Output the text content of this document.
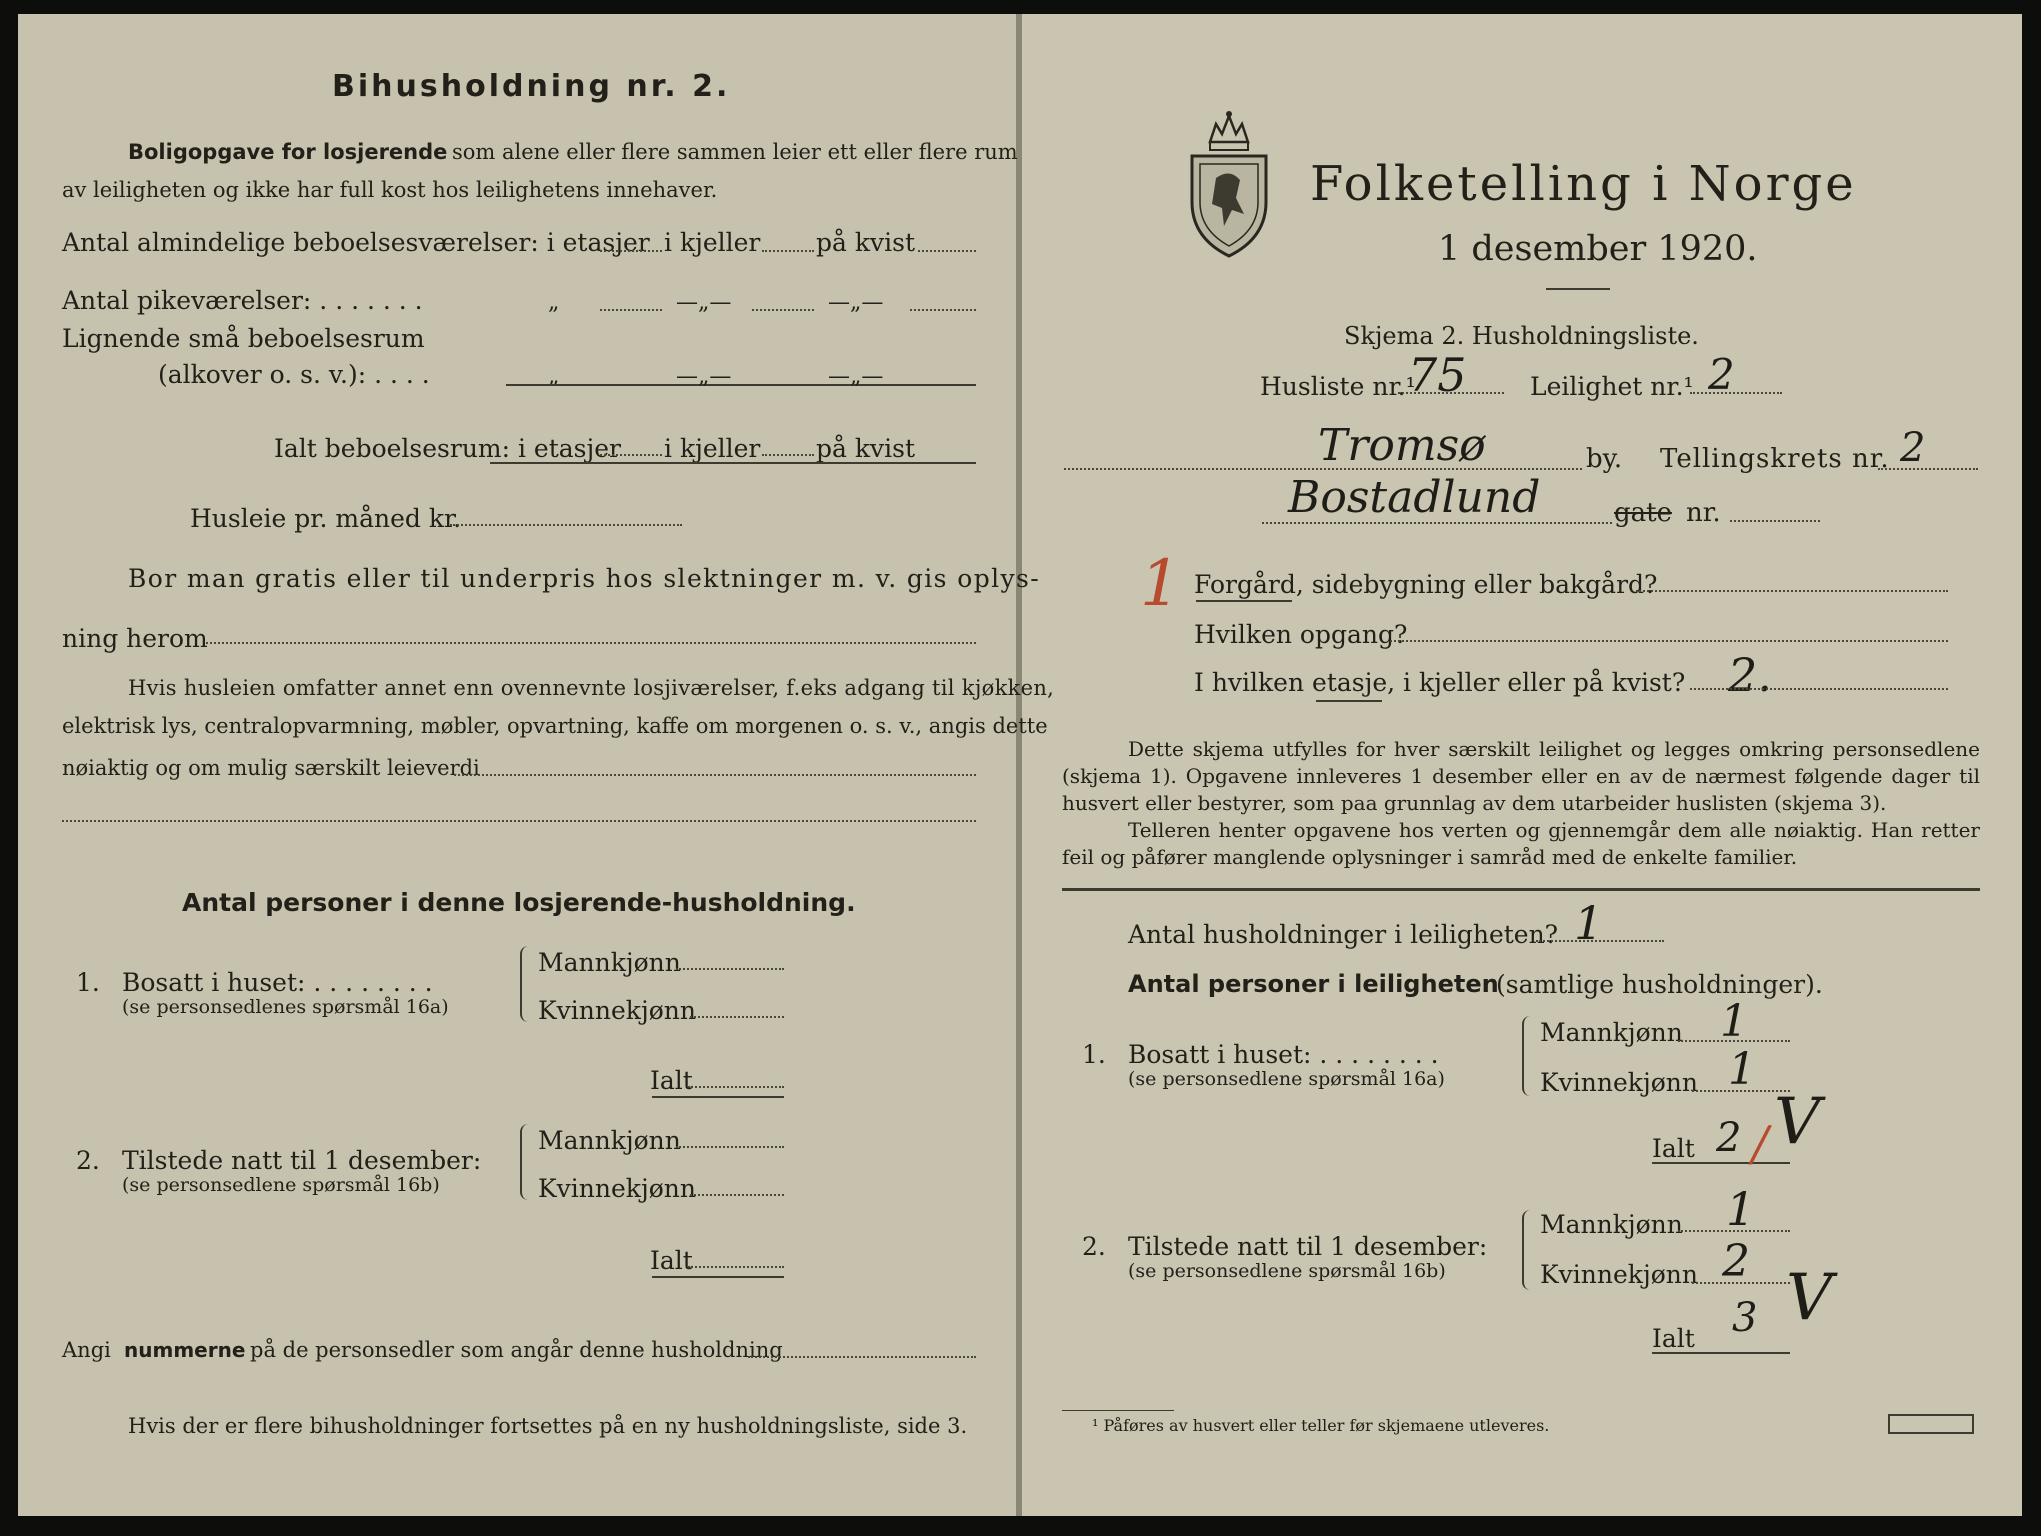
Bihusholdning nr. 2.
Boligopgave for losjerende som alene eller flere sammen leier ett eller flere rum
av leiligheten og ikke har full kost hos leilighetens innehaver.
Antal almindelige beboelsesværelser: i etasjer i kjeller på kvist
Antal pikeværelser: . . . . . . .	„	—„—	—„—
Lignende små beboelsesrum
(alkover o. s. v.): . . . .	„	—„—	—„—
Ialt beboelsesrum: i etasjer i kjeller på kvist
Husleie pr. måned kr.
Bor man gratis eller til underpris hos slektninger m. v. gis oplys-
ning herom
Hvis husleien omfatter annet enn ovennevnte losjiværelser, f.eks adgang til kjøkken,
elektrisk lys, centralopvarmning, møbler, opvartning, kaffe om morgenen o. s. v., angis dette
nøiaktig og om mulig særskilt leieverdi
Antal personer i denne losjerende-husholdning.
1. Bosatt i huset: . . . . . . . .
(se personsedlenes spørsmål 16a)
Mannkjønn
Kvinnekjønn
Ialt
2. Tilstede natt til 1 desember:
(se personsedlene spørsmål 16b)
Mannkjønn
Kvinnekjønn
Ialt
Angi nummerne på de personsedler som angår denne husholdning
Hvis der er flere bihusholdninger fortsettes på en ny husholdningsliste, side 3.
Folketelling i Norge
1 desember 1920.
Skjema 2. Husholdningsliste.
Husliste nr.¹
75	Leilighet nr.¹ 2
Tromsø	by. Tellingskrets nr. 2
Bostadlund	gate nr.
1 Forgård, sidebygning eller bakgård?
Hvilken opgang?
I hvilken etasje, i kjeller eller på kvist? 2.
Dette skjema utfylles for hver særskilt leilighet og legges omkring personsedlene (skjema 1). Opgavene innleveres 1 desember eller en av de nærmest følgende dager til husvert eller bestyrer, som paa grunnlag av dem utarbeider huslisten (skjema 3).
Telleren henter opgavene hos verten og gjennemgår dem alle nøiaktig. Han retter feil og påfører manglende oplysninger i samråd med de enkelte familier.
Antal husholdninger i leiligheten? 1
Antal personer i leiligheten
(samtlige husholdninger).
1. Bosatt i huset: . . . . . . . .
(se personsedlene spørsmål 16a)
Mannkjønn 1
Kvinnekjønn 1
Ialt 2 V
/
2. Tilstede natt til 1 desember:
(se personsedlene spørsmål 16b)
Mannkjønn 1
Kvinnekjønn 2
Ialt 3 V
¹ Påføres av husvert eller teller før skjemaene utleveres.
